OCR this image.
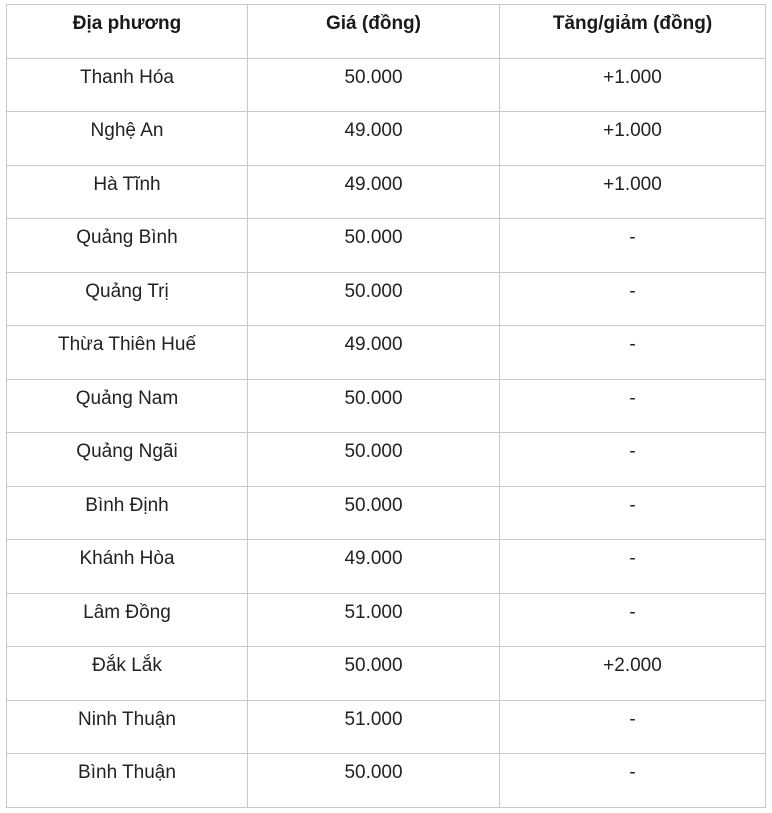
Địa phương	Giá (đồng)	Tăng/giảm (đồng)
Thanh Hóa	50.000	+1.000
Nghệ An	49.000	+1.000
Hà Tĩnh	49.000	+1.000
Quảng Bình	50.000	-
Quảng Trị	50.000	-
Thừa Thiên Huế	49.000	-
Quảng Nam	50.000	-
Quảng Ngãi	50.000	-
Bình Định	50.000	-
Khánh Hòa	49.000	-
Lâm Đồng	51.000	-
Đắk Lắk	50.000	+2.000
Ninh Thuận	51.000	-
Bình Thuận	50.000	-
